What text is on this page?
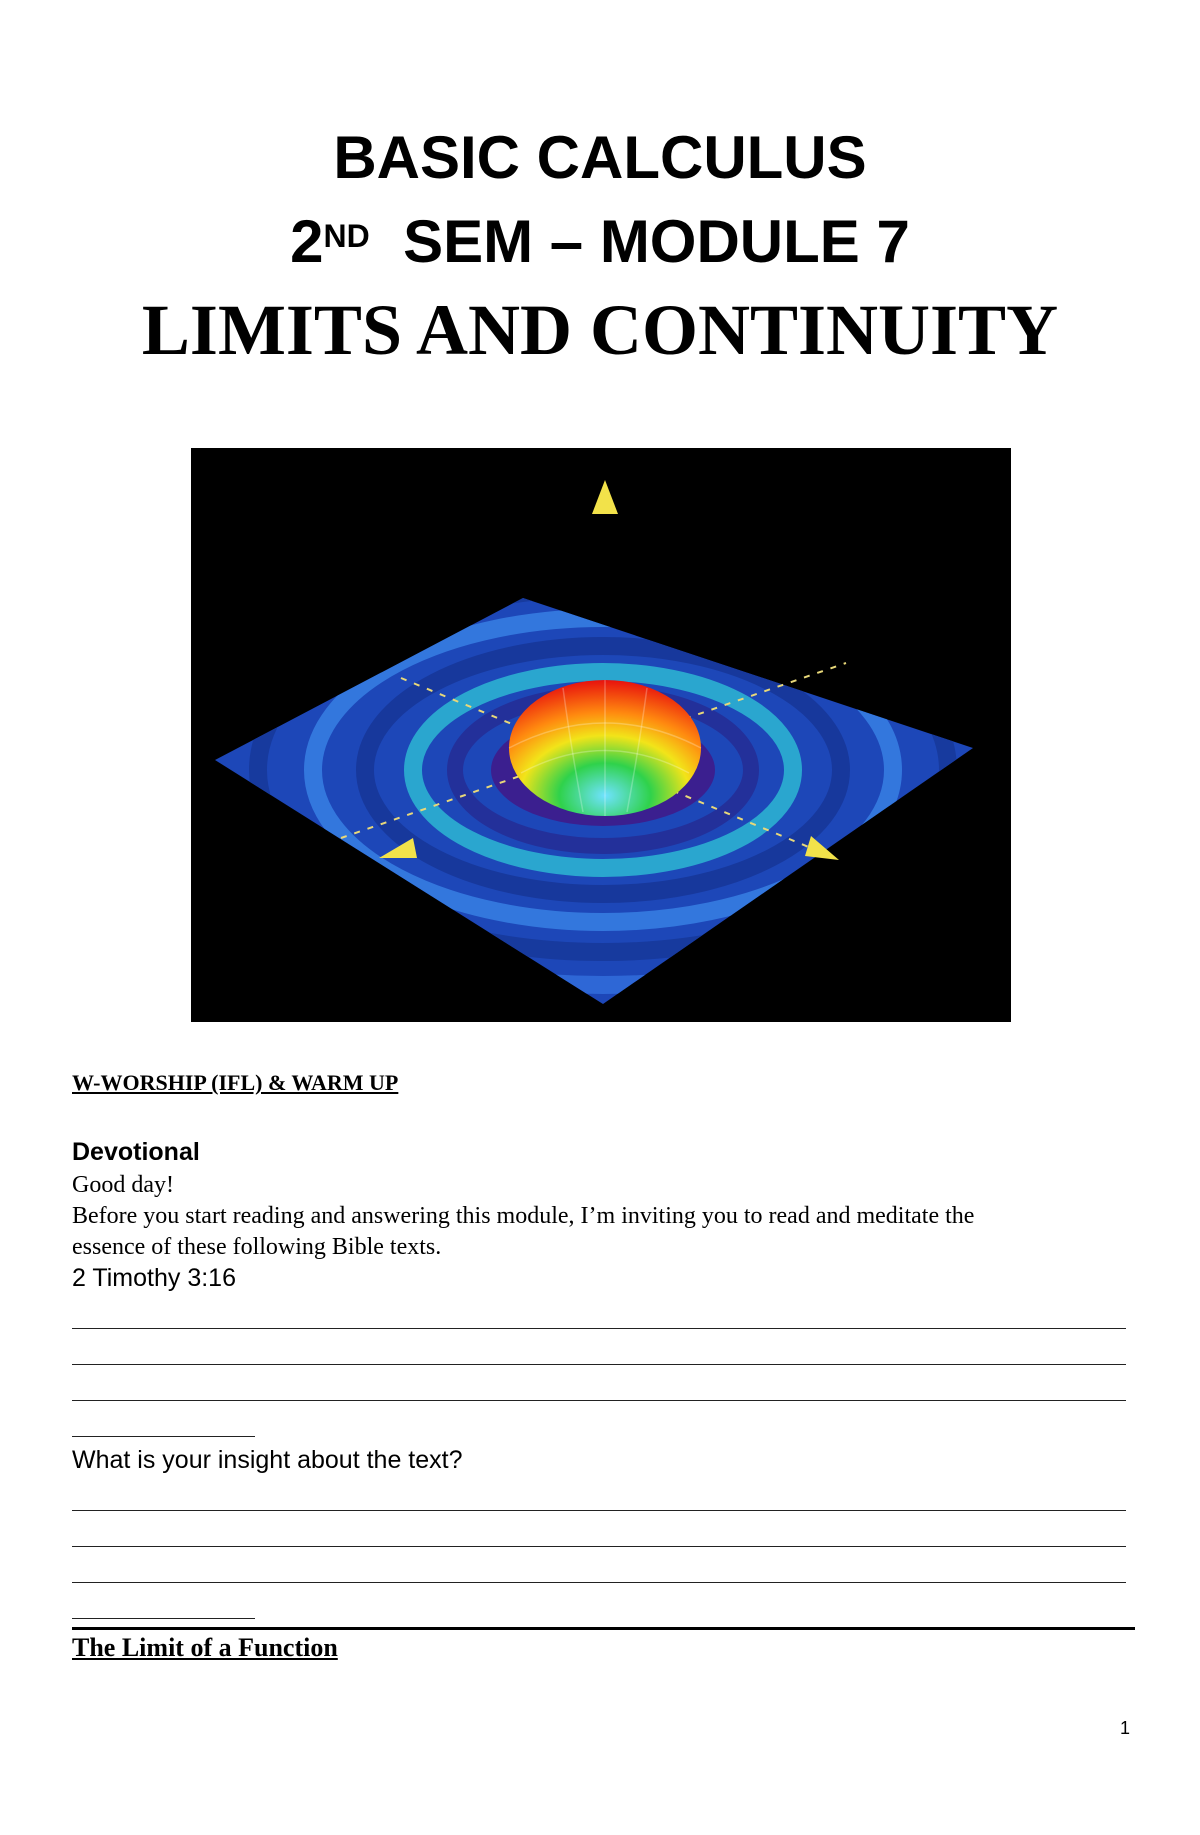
BASIC CALCULUS
2ND SEM – MODULE 7
LIMITS AND CONTINUITY
W-WORSHIP (IFL) & WARM UP
Devotional
Good day!
Before you start reading and answering this module, I’m inviting you to read and meditate the
essence of these following Bible texts.
2 Timothy 3:16
What is your insight about the text?
The Limit of a Function
1
